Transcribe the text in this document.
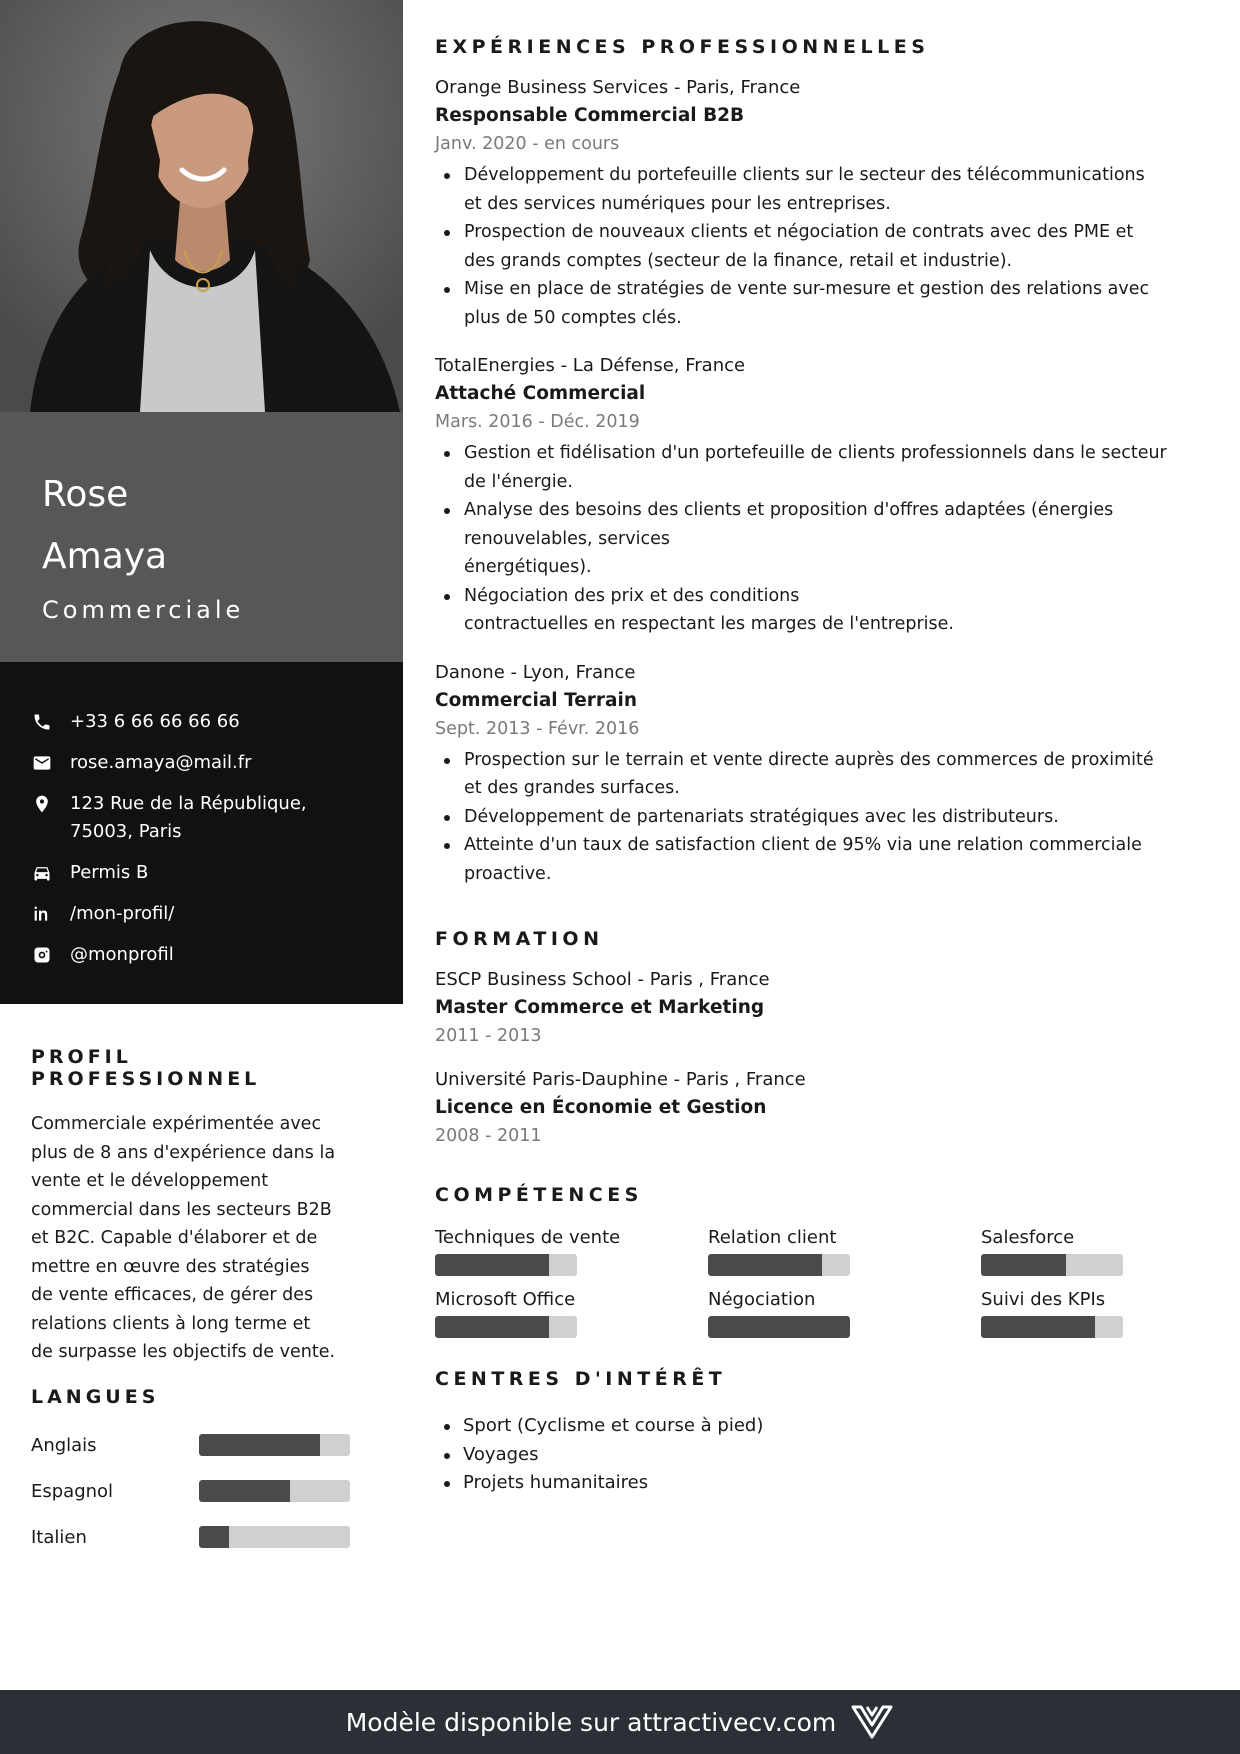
Rose
Amaya
Commerciale
+33 6 66 66 66 66
rose.amaya@mail.fr
123 Rue de la République,
75003, Paris
Permis B
/mon-profil/
@monprofil
PROFIL PROFESSIONNEL

Commerciale expérimentée avec
plus de 8 ans d'expérience dans la
vente et le développement
commercial dans les secteurs B2B
et B2C. Capable d'élaborer et de
mettre en œuvre des stratégies
de vente efficaces, de gérer des
relations clients à long terme et
de surpasse les objectifs de vente.

LANGUES
Anglais
Espagnol
Italien
EXPÉRIENCES PROFESSIONNELLES
Orange Business Services - Paris, France
Responsable Commercial B2B
Janv. 2020 - en cours
Développement du portefeuille clients sur le secteur des télécommunications
et des services numériques pour les entreprises.
Prospection de nouveaux clients et négociation de contrats avec des PME et
des grands comptes (secteur de la finance, retail et industrie).
Mise en place de stratégies de vente sur-mesure et gestion des relations avec
plus de 50 comptes clés.
TotalEnergies - La Défense, France
Attaché Commercial
Mars. 2016 - Déc. 2019
Gestion et fidélisation d'un portefeuille de clients professionnels dans le secteur
de l'énergie.
Analyse des besoins des clients et proposition d'offres adaptées (énergies
renouvelables, services
énergétiques).
Négociation des prix et des conditions
contractuelles en respectant les marges de l'entreprise.
Danone - Lyon, France
Commercial Terrain
Sept. 2013 - Févr. 2016
Prospection sur le terrain et vente directe auprès des commerces de proximité
et des grandes surfaces.
Développement de partenariats stratégiques avec les distributeurs.
Atteinte d'un taux de satisfaction client de 95% via une relation commerciale
proactive.
FORMATION
ESCP Business School - Paris , France
Master Commerce et Marketing
2011 - 2013
Université Paris-Dauphine - Paris , France
Licence en Économie et Gestion
2008 - 2011
COMPÉTENCES
Techniques de vente	Relation client	Salesforce
Microsoft Office	Négociation	Suivi des KPIs
CENTRES D'INTÉRÊT
Sport (Cyclisme et course à pied)
Voyages
Projets humanitaires
Modèle disponible sur attractivecv.com
